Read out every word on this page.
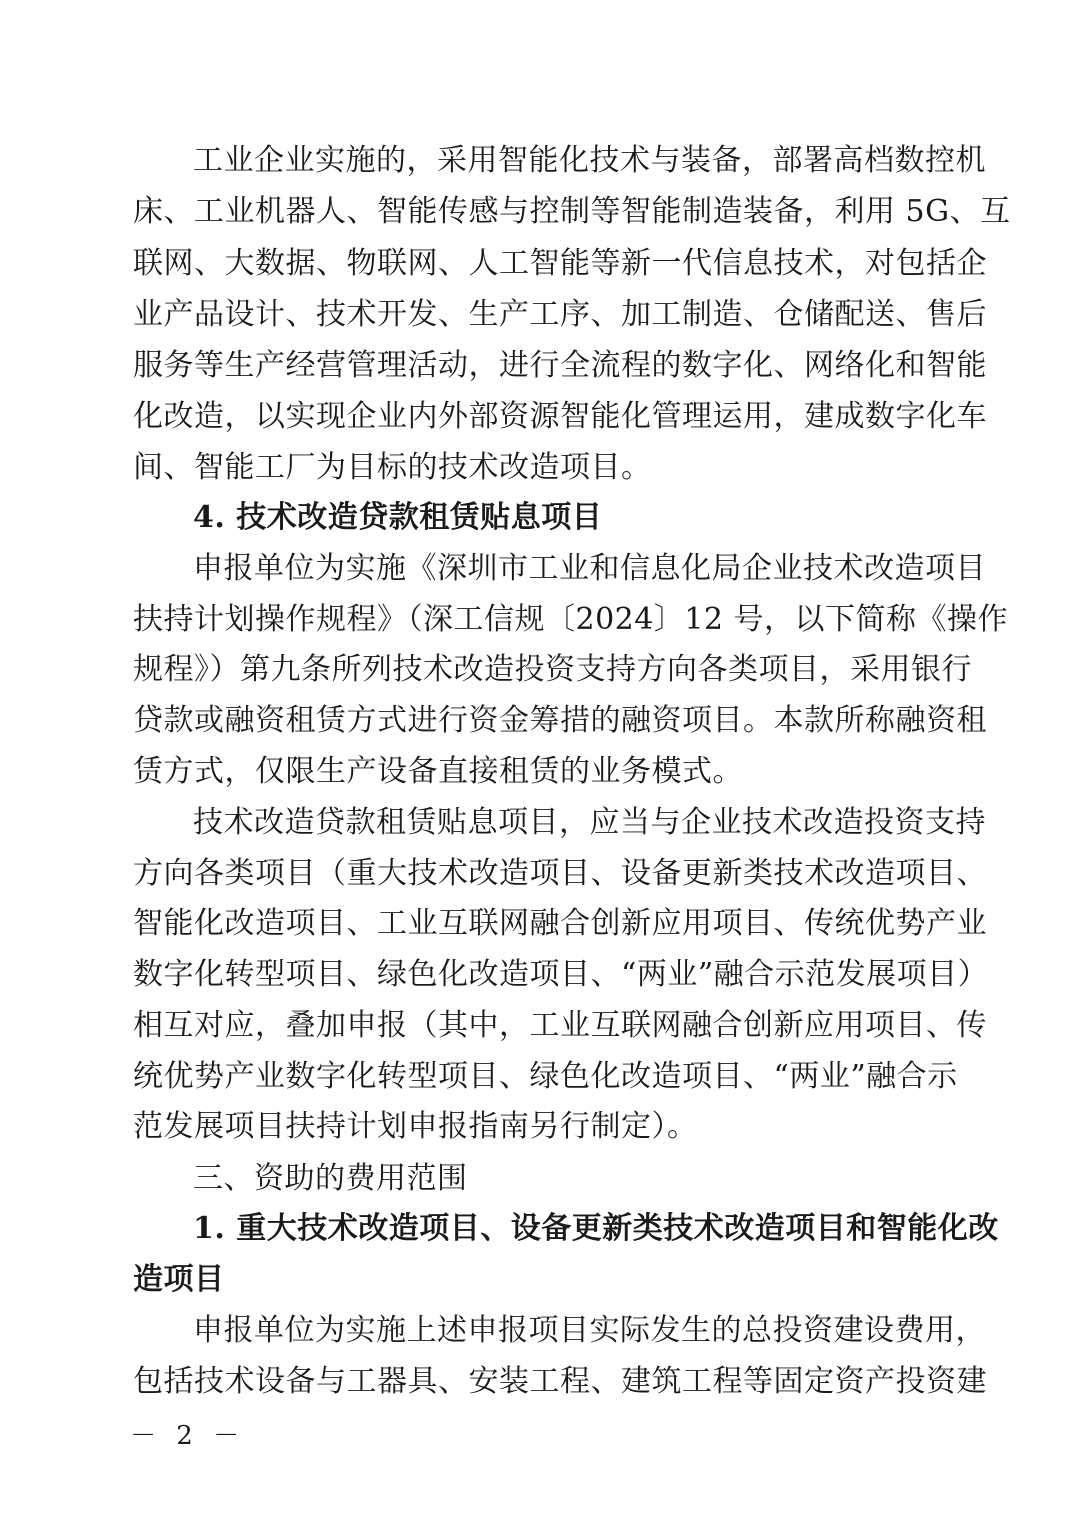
工业企业实施的，采用智能化技术与装备，部署高档数控机
床、工业机器人、智能传感与控制等智能制造装备，利用 5G、互
联网、大数据、物联网、人工智能等新一代信息技术，对包括企
业产品设计、技术开发、生产工序、加工制造、仓储配送、售后
服务等生产经营管理活动，进行全流程的数字化、网络化和智能
化改造，以实现企业内外部资源智能化管理运用，建成数字化车
间、智能工厂为目标的技术改造项目。
4. 技术改造贷款租赁贴息项目
申报单位为实施《深圳市工业和信息化局企业技术改造项目
扶持计划操作规程》（深工信规〔2024〕12 号，以下简称《操作
规程》）第九条所列技术改造投资支持方向各类项目，采用银行
贷款或融资租赁方式进行资金筹措的融资项目。本款所称融资租
赁方式，仅限生产设备直接租赁的业务模式。
技术改造贷款租赁贴息项目，应当与企业技术改造投资支持
方向各类项目（重大技术改造项目、设备更新类技术改造项目、
智能化改造项目、工业互联网融合创新应用项目、传统优势产业
数字化转型项目、绿色化改造项目、“两业”融合示范发展项目）
相互对应，叠加申报（其中，工业互联网融合创新应用项目、传
统优势产业数字化转型项目、绿色化改造项目、“两业”融合示
范发展项目扶持计划申报指南另行制定）。
三、资助的费用范围
1. 重大技术改造项目、设备更新类技术改造项目和智能化改
造项目
申报单位为实施上述申报项目实际发生的总投资建设费用，
包括技术设备与工器具、安装工程、建筑工程等固定资产投资建
－ 2 －
